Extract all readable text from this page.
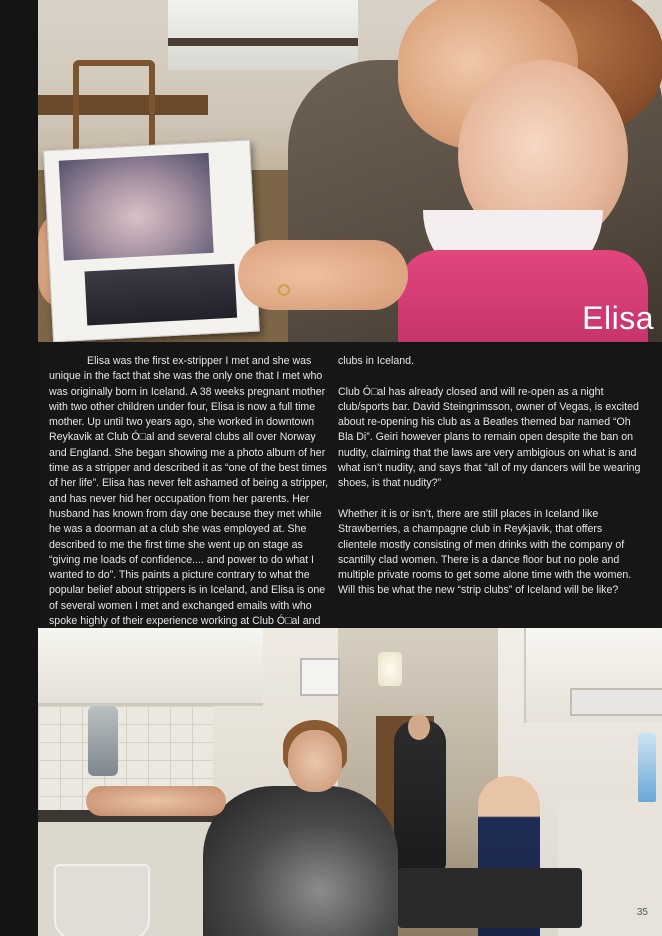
Elisa

Elisa was the first ex-stripper I met and she was unique in the fact that she was the only one that I met who was originally born in Iceland. A 38 weeks pregnant mother with two other children under four, Elisa is now a full time mother. Up until two years ago, she worked in downtown Reykavik at Club Ó□al and several clubs all over Norway and England. She began showing me a photo album of her time as a stripper and described it as “one of the best times of her life”. Elisa has never felt ashamed of being a stripper, and has never hid her occupation from her parents. Her husband has known from day one because they met while he was a doorman at a club she was employed at. She described to me the first time she went up on stage as “giving me loads of confidence.... and power to do what I wanted to do”. This paints a picture contrary to what the popular belief about strippers is in Iceland, and Elisa is one of several women I met and exchanged emails with who spoke highly of their experience working at Club Ó□al and

clubs in Iceland.

Club Ó□al has already closed and will re-open as a night club/sports bar. David Steingrimsson, owner of Vegas, is excited about re-opening his club as a Beatles themed bar named “Oh Bla Di”. Geiri however plans to remain open despite the ban on nudity, claiming that the laws are very ambigious on what is and what isn’t nudity, and says that “all of my dancers will be wearing shoes, is that nudity?”

Whether it is or isn’t, there are still places in Iceland like Strawberries, a champagne club in Reykjavik, that offers clientele mostly consisting of men drinks with the company of scantilly clad women. There is a dance floor but no pole and multiple private rooms to get some alone time with the women. Will this be what the new “strip clubs” of Iceland will be like?

35
